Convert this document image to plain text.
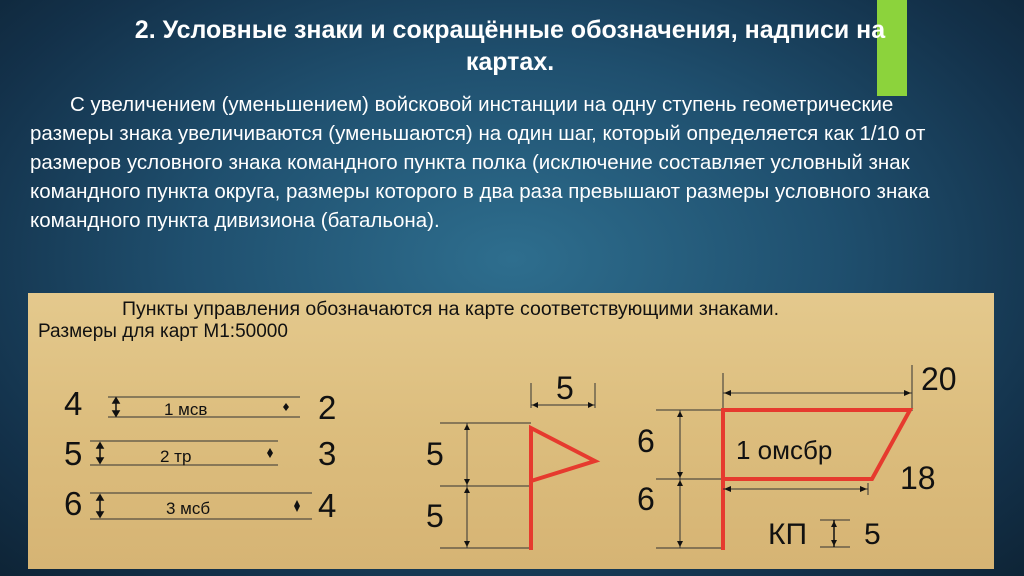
2. Условные знаки и сокращённые обозначения, надписи на
картах.

С увеличением (уменьшением) войсковой инстанции на одну ступень геометрические размеры знака увеличиваются (уменьшаются) на один шаг, который определяется как 1/10 от размеров условного знака командного пункта полка (исключение составляет условный знак командного пункта округа, размеры которого в два раза превышают размеры условного знака командного пункта дивизиона (батальона).

Пункты управления обозначаются на карте соответствующими знаками.
Размеры для карт М1:50000
4	1 мсв	2
5	2 тр	3
6	3 мсб	4
5
5
5
20
6
6
1 омсбр
18
КП 5
